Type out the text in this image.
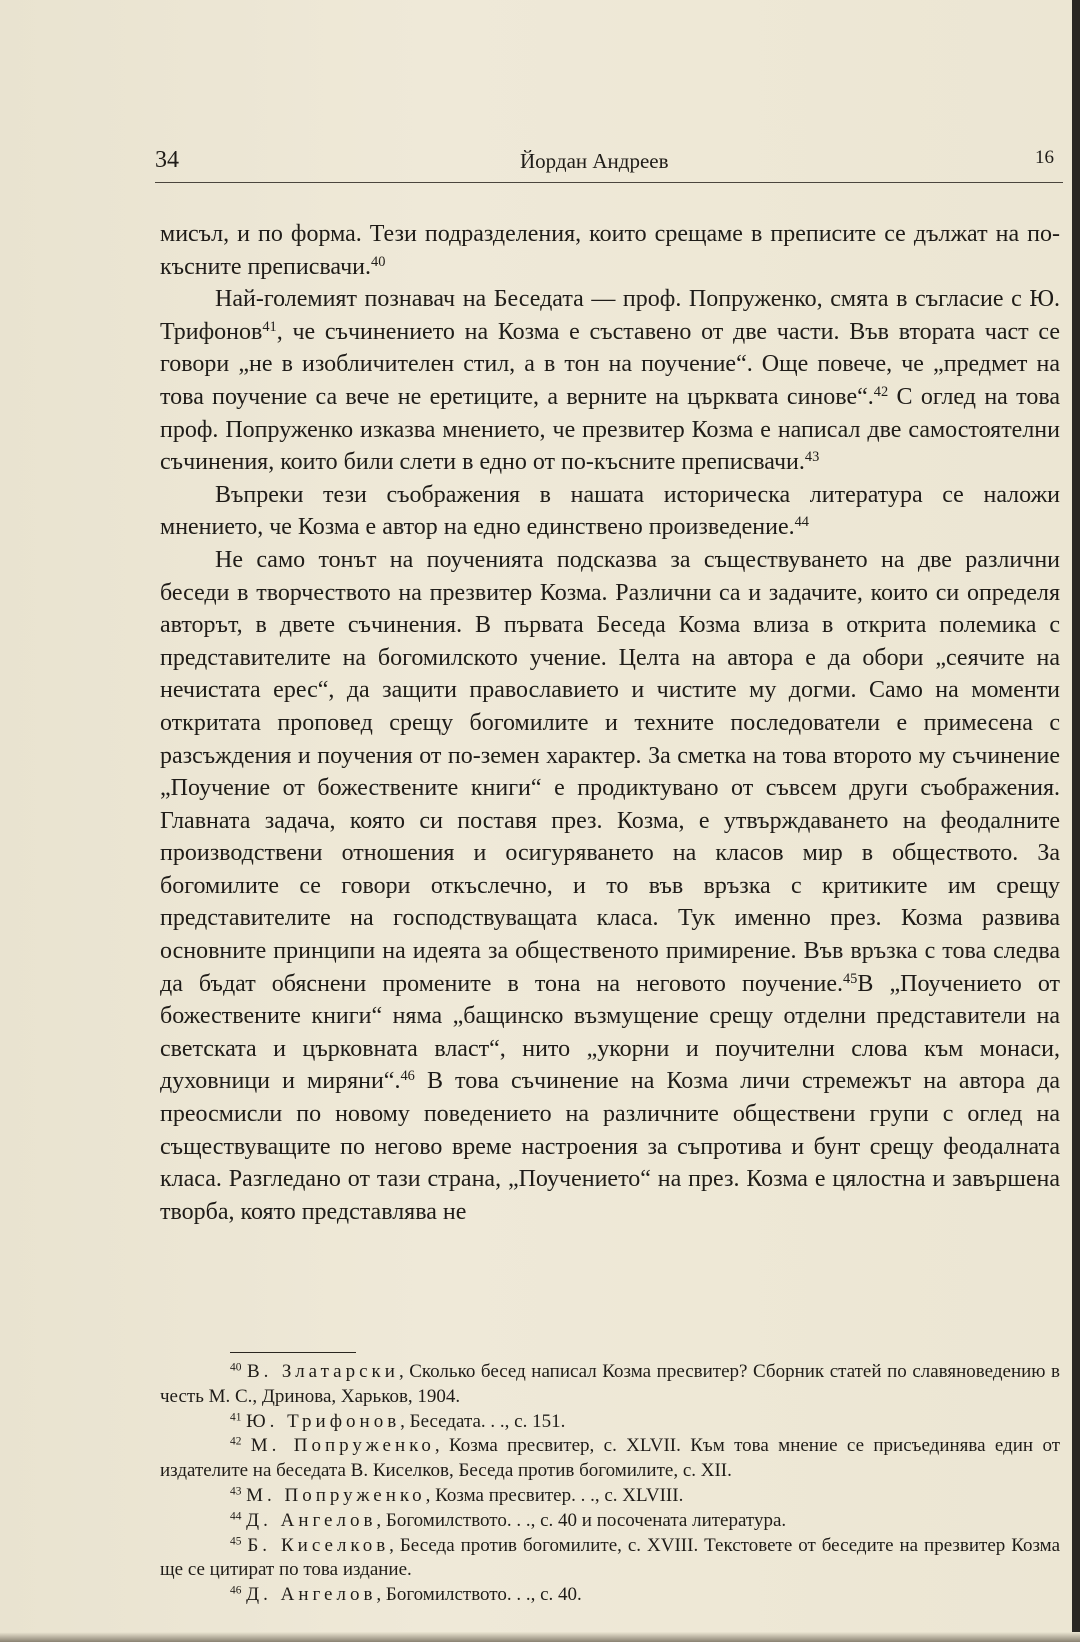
34	Йордан Андреев	16

мисъл, и по форма. Тези подразделения, които срещаме в преписите се дължат на по-късните преписвачи.$^{40}$

Най-големият познавач на Беседата — проф. Попруженко, смята в съгласие с Ю. Трифонов$^{41}$, че съчинението на Козма е съставено от две части. Във втората част се говори „не в изобличителен стил, а в тон на поучение“. Още повече, че „предмет на това поучение са вече не еретиците, а верните на църквата синове“.$^{42}$ С оглед на това проф. Попруженко изказва мнението, че презвитер Козма е написал две самостоятелни съчинения, които били слети в едно от по-късните преписвачи.$^{43}$

Въпреки тези съображения в нашата историческа литература се наложи мнението, че Козма е автор на едно единствено произведение.$^{44}$

Не само тонът на поученията подсказва за съществуването на две различни беседи в творчеството на презвитер Козма. Различни са и задачите, които си определя авторът, в двете съчинения. В първата Беседа Козма влиза в открита полемика с представителите на богомилското учение. Целта на автора е да обори „сеячите на нечистата ерес“, да защити православието и чистите му догми. Само на моменти откритата проповед срещу богомилите и техните последователи е примесена с разсъждения и поучения от по-земен характер. За сметка на това второто му съчинение „Поучение от божествените книги“ е продиктувано от съвсем други съображения. Главната задача, която си поставя през. Козма, е утвърждаването на феодалните производствени отношения и осигуряването на класов мир в обществото. За богомилите се говори откъслечно, и то във връзка с критиките им срещу представителите на господствуващата класа. Тук именно през. Козма развива основните принципи на идеята за общественото примирение. Във връзка с това следва да бъдат обяснени промените в тона на неговото поучение.$^{45}$В „Поучението от божествените книги“ няма „бащинско възмущение срещу отделни представители на светската и църковната власт“, нито „укорни и поучителни слова към монаси, духовници и миряни“.$^{46}$ В това съчинение на Козма личи стремежът на автора да преосмисли по новому поведението на различните обществени групи с оглед на съществуващите по негово време настроения за съпротива и бунт срещу феодалната класа. Разгледано от тази страна, „Поучението“ на през. Козма е цялостна и завършена творба, която представлява не

$^{40}$ В. Златарски, Сколько бесед написал Козма пресвитер? Сборник статей по славяноведению в честь М. С., Дринова, Харьков, 1904.

$^{41}$ Ю. Трифонов, Беседата. . ., с. 151.

$^{42}$ М. Попруженко, Козма пресвитер, с. XLVII. Към това мнение се присъединява един от издателите на беседата В. Киселков, Беседа против богомилите, с. XII.

$^{43}$ М. Попруженко, Козма пресвитер. . ., с. XLVIII.

$^{44}$ Д. Ангелов, Богомилството. . ., с. 40 и посочената литература.

$^{45}$ Б. Киселков, Беседа против богомилите, с. XVIII. Текстовете от беседите на презвитер Козма ще се цитират по това издание.

$^{46}$ Д. Ангелов, Богомилството. . ., с. 40.
